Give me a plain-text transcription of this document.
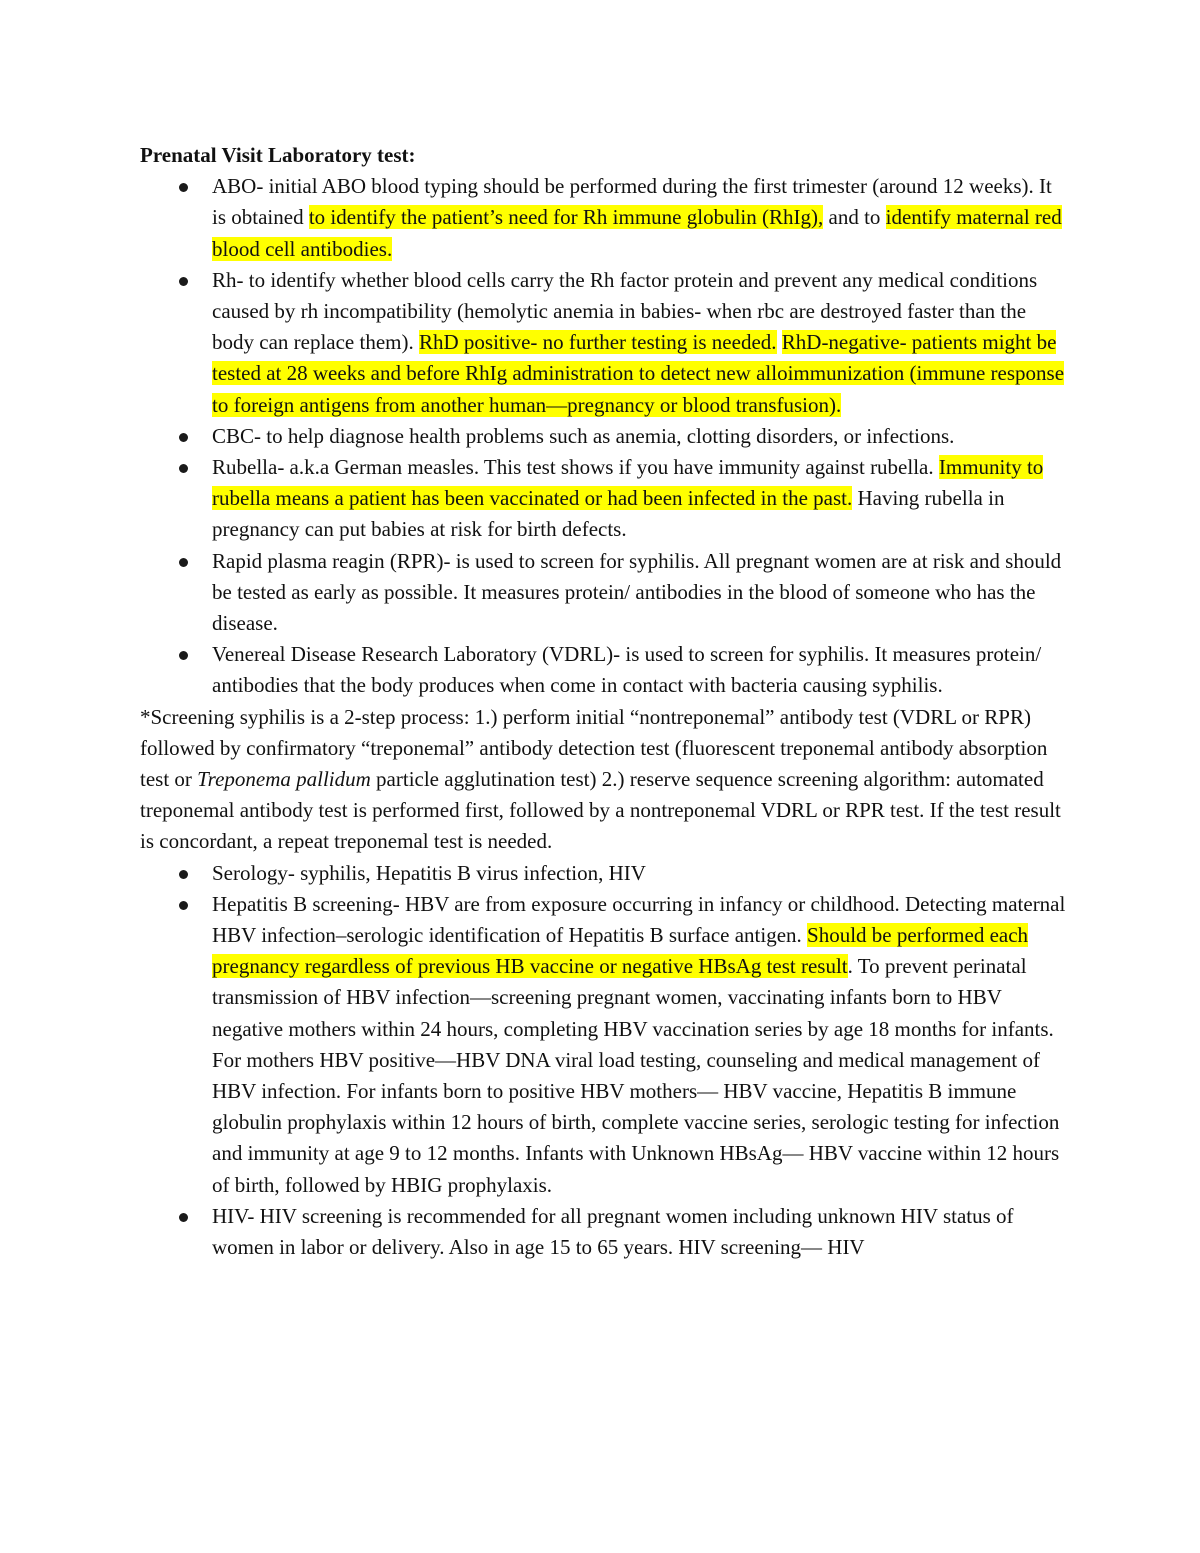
Prenatal Visit Laboratory test:

ABO- initial ABO blood typing should be performed during the first trimester (around 12 weeks). It is obtained to identify the patient’s need for Rh immune globulin (RhIg), and to identify maternal red blood cell antibodies.
Rh- to identify whether blood cells carry the Rh factor protein and prevent any medical conditions caused by rh incompatibility (hemolytic anemia in babies- when rbc are destroyed faster than the body can replace them). RhD positive- no further testing is needed. RhD-negative- patients might be tested at 28 weeks and before RhIg administration to detect new alloimmunization (immune response to foreign antigens from another human—pregnancy or blood transfusion).
CBC- to help diagnose health problems such as anemia, clotting disorders, or infections.
Rubella- a.k.a German measles. This test shows if you have immunity against rubella. Immunity to rubella means a patient has been vaccinated or had been infected in the past. Having rubella in pregnancy can put babies at risk for birth defects.
Rapid plasma reagin (RPR)- is used to screen for syphilis. All pregnant women are at risk and should be tested as early as possible. It measures protein/ antibodies in the blood of someone who has the disease.
Venereal Disease Research Laboratory (VDRL)- is used to screen for syphilis. It measures protein/ antibodies that the body produces when come in contact with bacteria causing syphilis.

*Screening syphilis is a 2-step process: 1.) perform initial “nontreponemal” antibody test (VDRL or RPR) followed by confirmatory “treponemal” antibody detection test (fluorescent treponemal antibody absorption test or Treponema pallidum particle agglutination test) 2.) reserve sequence screening algorithm: automated treponemal antibody test is performed first, followed by a nontreponemal VDRL or RPR test. If the test result is concordant, a repeat treponemal test is needed.

Serology- syphilis, Hepatitis B virus infection, HIV
Hepatitis B screening- HBV are from exposure occurring in infancy or childhood. Detecting maternal HBV infection–serologic identification of Hepatitis B surface antigen. Should be performed each pregnancy regardless of previous HB vaccine or negative HBsAg test result. To prevent perinatal transmission of HBV infection—screening pregnant women, vaccinating infants born to HBV negative mothers within 24 hours, completing HBV vaccination series by age 18 months for infants. For mothers HBV positive—HBV DNA viral load testing, counseling and medical management of HBV infection. For infants born to positive HBV mothers— HBV vaccine, Hepatitis B immune globulin prophylaxis within 12 hours of birth, complete vaccine series, serologic testing for infection and immunity at age 9 to 12 months. Infants with Unknown HBsAg— HBV vaccine within 12 hours of birth, followed by HBIG prophylaxis.
HIV- HIV screening is recommended for all pregnant women including unknown HIV status of women in labor or delivery. Also in age 15 to 65 years. HIV screening— HIV
